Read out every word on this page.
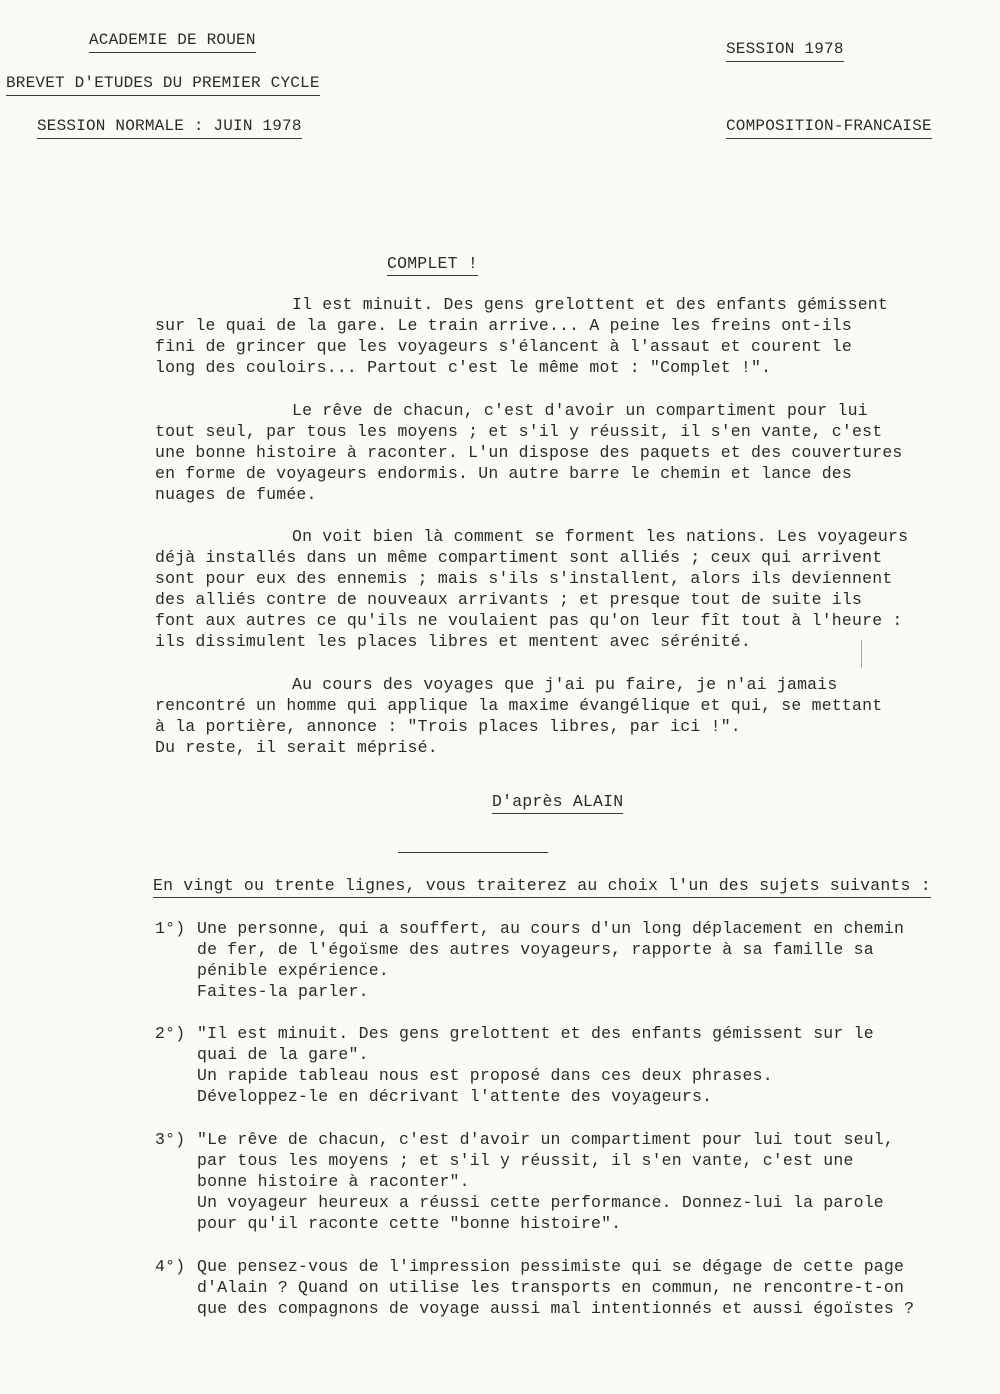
ACADEMIE DE ROUEN
BREVET D'ETUDES DU PREMIER CYCLE
SESSION NORMALE : JUIN 1978
SESSION 1978
COMPOSITION-FRANCAISE
COMPLET !
Il est minuit. Des gens grelottent et des enfants gémissent
sur le quai de la gare. Le train arrive... A peine les freins ont-ils
fini de grincer que les voyageurs s'élancent à l'assaut et courent le
long des couloirs... Partout c'est le même mot : "Complet !".
Le rêve de chacun, c'est d'avoir un compartiment pour lui
tout seul, par tous les moyens ; et s'il y réussit, il s'en vante, c'est
une bonne histoire à raconter. L'un dispose des paquets et des couvertures
en forme de voyageurs endormis. Un autre barre le chemin et lance des
nuages de fumée.
On voit bien là comment se forment les nations. Les voyageurs
déjà installés dans un même compartiment sont alliés ; ceux qui arrivent
sont pour eux des ennemis ; mais s'ils s'installent, alors ils deviennent
des alliés contre de nouveaux arrivants ; et presque tout de suite ils
font aux autres ce qu'ils ne voulaient pas qu'on leur fît tout à l'heure :
ils dissimulent les places libres et mentent avec sérénité.
Au cours des voyages que j'ai pu faire, je n'ai jamais
rencontré un homme qui applique la maxime évangélique et qui, se mettant
à la portière, annonce : "Trois places libres, par ici !".
Du reste, il serait méprisé.
D'après ALAIN
En vingt ou trente lignes, vous traiterez au choix l'un des sujets suivants :
1°) Une personne, qui a souffert, au cours d'un long déplacement en chemin
de fer, de l'égoïsme des autres voyageurs, rapporte à sa famille sa
pénible expérience.
Faites-la parler.
2°) "Il est minuit. Des gens grelottent et des enfants gémissent sur le
quai de la gare".
Un rapide tableau nous est proposé dans ces deux phrases.
Développez-le en décrivant l'attente des voyageurs.
3°) "Le rêve de chacun, c'est d'avoir un compartiment pour lui tout seul,
par tous les moyens ; et s'il y réussit, il s'en vante, c'est une
bonne histoire à raconter".
Un voyageur heureux a réussi cette performance. Donnez-lui la parole
pour qu'il raconte cette "bonne histoire".
4°) Que pensez-vous de l'impression pessimiste qui se dégage de cette page
d'Alain ? Quand on utilise les transports en commun, ne rencontre-t-on
que des compagnons de voyage aussi mal intentionnés et aussi égoïstes ?
